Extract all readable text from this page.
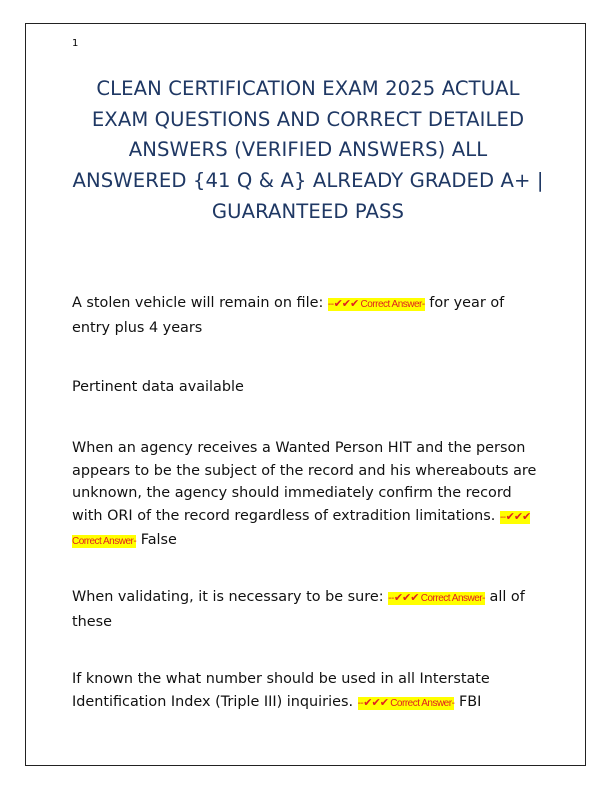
1
CLEAN CERTIFICATION EXAM 2025 ACTUAL EXAM QUESTIONS AND CORRECT DETAILED ANSWERS (VERIFIED ANSWERS) ALL ANSWERED {41 Q & A} ALREADY GRADED A+ | GUARANTEED PASS

A stolen vehicle will remain on file: --✔✔✔ Correct Answer- for year of entry plus 4 years

Pertinent data available

When an agency receives a Wanted Person HIT and the person appears to be the subject of the record and his whereabouts are unknown, the agency should immediately confirm the record with ORI of the record regardless of extradition limitations. --✔✔✔ Correct Answer- False

When validating, it is necessary to be sure: --✔✔✔ Correct Answer- all of these

If known the what number should be used in all Interstate Identification Index (Triple III) inquiries. --✔✔✔ Correct Answer- FBI
